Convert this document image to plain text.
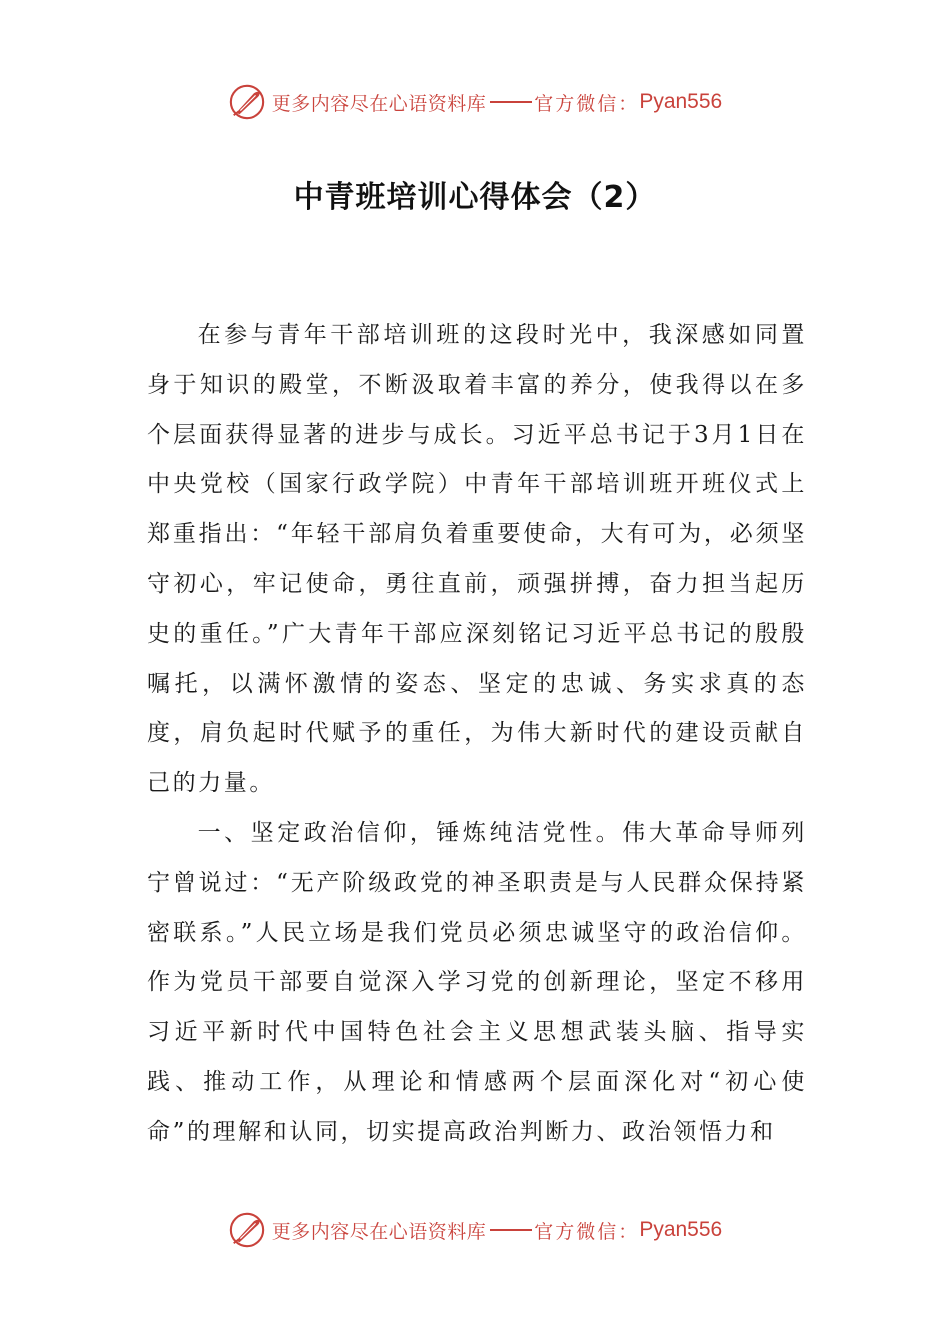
更多内容尽在心语资料库	官方微信： Pyan556
中青班培训心得体会（2）

在参与青年干部培训班的这段时光中，我深感如同置身于知识的殿堂，不断汲取着丰富的养分，使我得以在多个层面获得显著的进步与成长。习近平总书记于3月1日在中央党校（国家行政学院）中青年干部培训班开班仪式上郑重指出：“年轻干部肩负着重要使命，大有可为，必须坚守初心，牢记使命，勇往直前，顽强拼搏，奋力担当起历史的重任。”广大青年干部应深刻铭记习近平总书记的殷殷嘱托，以满怀激情的姿态、坚定的忠诚、务实求真的态度，肩负起时代赋予的重任，为伟大新时代的建设贡献自己的力量。

一、坚定政治信仰，锤炼纯洁党性。伟大革命导师列宁曾说过：“无产阶级政党的神圣职责是与人民群众保持紧密联系。”人民立场是我们党员必须忠诚坚守的政治信仰。作为党员干部要自觉深入学习党的创新理论，坚定不移用习近平新时代中国特色社会主义思想武装头脑、指导实践、推动工作，从理论和情感两个层面深化对“初心使命”的理解和认同，切实提高政治判断力、政治领悟力和

更多内容尽在心语资料库	官方微信： Pyan556
